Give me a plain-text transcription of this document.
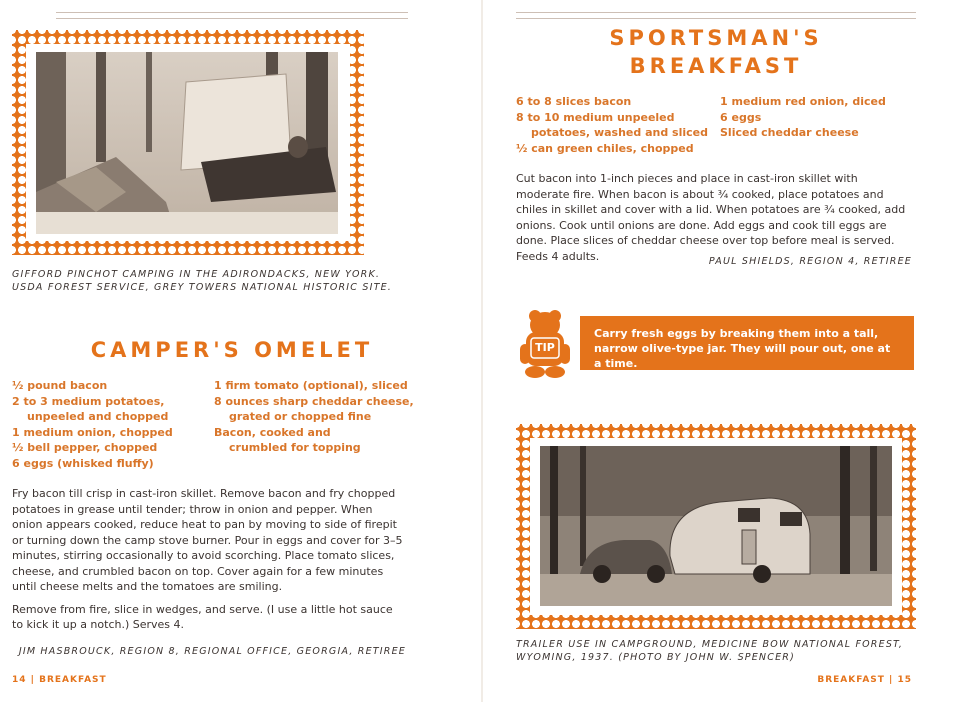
GIFFORD PINCHOT CAMPING IN THE ADIRONDACKS, NEW YORK.
USDA FOREST SERVICE, GREY TOWERS NATIONAL HISTORIC SITE.
CAMPER'S OMELET
½ pound bacon
2 to 3 medium potatoes,
unpeeled and chopped
1 medium onion, chopped
½ bell pepper, chopped
6 eggs (whisked fluffy)
1 firm tomato (optional), sliced
8 ounces sharp cheddar cheese,
grated or chopped fine
Bacon, cooked and
crumbled for topping

Fry bacon till crisp in cast-iron skillet. Remove bacon and fry chopped potatoes in grease until tender; throw in onion and pepper. When onion appears cooked, reduce heat to pan by moving to side of firepit or turning down the camp stove burner. Pour in eggs and cover for 3–5 minutes, stirring occasionally to avoid scorching. Place tomato slices, cheese, and crumbled bacon on top. Cover again for a few minutes until cheese melts and the tomatoes are smiling.

Remove from fire, slice in wedges, and serve. (I use a little hot sauce to kick it up a notch.) Serves 4.

JIM HASBROUCK, REGION 8, REGIONAL OFFICE, GEORGIA, RETIREE
14 | BREAKFAST
SPORTSMAN'S
BREAKFAST
6 to 8 slices bacon
8 to 10 medium unpeeled
potatoes, washed and sliced
½ can green chiles, chopped
1 medium red onion, diced
6 eggs
Sliced cheddar cheese

Cut bacon into 1-inch pieces and place in cast-iron skillet with moderate fire. When bacon is about ¾ cooked, place potatoes and chiles in skillet and cover with a lid. When potatoes are ¾ cooked, add onions. Cook until onions are done. Add eggs and cook till eggs are done. Place slices of cheddar cheese over top before meal is served. Feeds 4 adults.	PAUL SHIELDS, REGION 4, RETIREE
TIP
Carry fresh eggs by breaking them into a tall, narrow olive-type jar. They will pour out, one at a time.
TRAILER USE IN CAMPGROUND, MEDICINE BOW NATIONAL FOREST,
WYOMING, 1937. (PHOTO BY JOHN W. SPENCER)
BREAKFAST | 15
